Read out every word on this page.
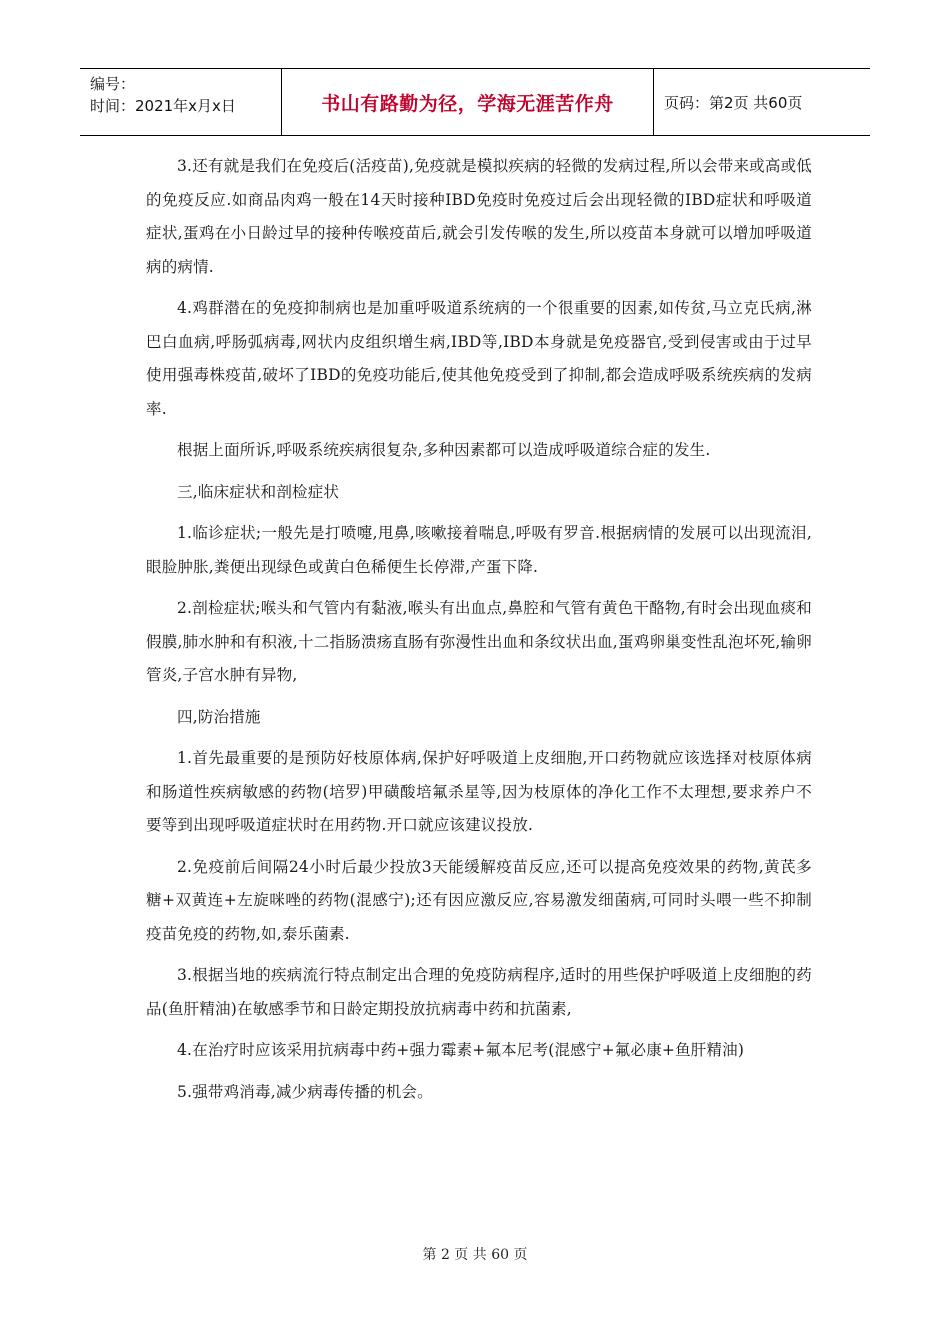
编号：
时间：2021年x月x日	书山有路勤为径，学海无涯苦作舟	页码：第2页 共60页

3.还有就是我们在免疫后(活疫苗),免疫就是模拟疾病的轻微的发病过程,所以会带来或高或低的免疫反应.如商品肉鸡一般在14天时接种IBD免疫时免疫过后会出现轻微的IBD症状和呼吸道症状,蛋鸡在小日龄过早的接种传喉疫苗后,就会引发传喉的发生,所以疫苗本身就可以增加呼吸道病的病情.

4.鸡群潜在的免疫抑制病也是加重呼吸道系统病的一个很重要的因素,如传贫,马立克氏病,淋巴白血病,呼肠弧病毒,网状内皮组织增生病,IBD等,IBD本身就是免疫器官,受到侵害或由于过早使用强毒株疫苗,破坏了IBD的免疫功能后,使其他免疫受到了抑制,都会造成呼吸系统疾病的发病率.

根据上面所诉,呼吸系统疾病很复杂,多种因素都可以造成呼吸道综合症的发生.

三,临床症状和剖检症状

1.临诊症状;一般先是打喷嚏,甩鼻,咳嗽接着喘息,呼吸有罗音.根据病情的发展可以出现流泪,眼脸肿胀,粪便出现绿色或黄白色稀便生长停滞,产蛋下降.

2.剖检症状;喉头和气管内有黏液,喉头有出血点,鼻腔和气管有黄色干酪物,有时会出现血痰和假膜,肺水肿和有积液,十二指肠溃疡直肠有弥漫性出血和条纹状出血,蛋鸡卵巢变性乱泡坏死,输卵管炎,子宫水肿有异物,

四,防治措施

1.首先最重要的是预防好枝原体病,保护好呼吸道上皮细胞,开口药物就应该选择对枝原体病和肠道性疾病敏感的药物(培罗)甲磺酸培氟杀星等,因为枝原体的净化工作不太理想,要求养户不要等到出现呼吸道症状时在用药物.开口就应该建议投放.

2.免疫前后间隔24小时后最少投放3天能缓解疫苗反应,还可以提高免疫效果的药物,黄芪多糖+双黄连+左旋咪唑的药物(混感宁);还有因应激反应,容易激发细菌病,可同时头喂一些不抑制疫苗免疫的药物,如,泰乐菌素.

3.根据当地的疾病流行特点制定出合理的免疫防病程序,适时的用些保护呼吸道上皮细胞的药品(鱼肝精油)在敏感季节和日龄定期投放抗病毒中药和抗菌素,

4.在治疗时应该采用抗病毒中药+强力霉素+氟本尼考(混感宁+氟必康+鱼肝精油)

5.强带鸡消毒,减少病毒传播的机会。

第 2 页 共 60 页
